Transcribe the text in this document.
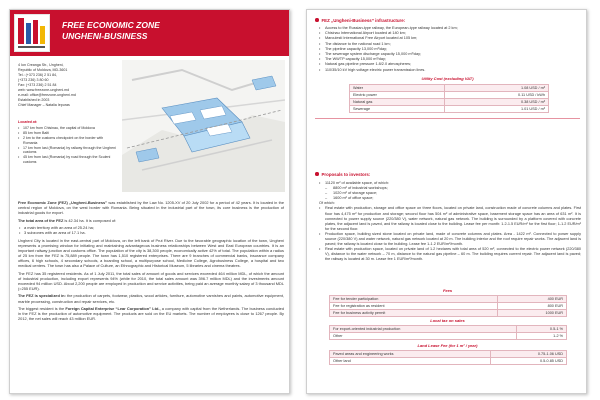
FREE ECONOMIC ZONE
UNGHENI-BUSINESS
4 Ion Creanga Str., Ungheni,
Republic of Moldova, MD-3601
Tel.: (+373 236) 2 51 84,
(+373 236) 3 80 60
Fax: (+373 236) 2 51 84
web: www.freezone-ungheni.md
e-mail: office@freezone-ungheni.md
Established in 2003
Chief Manager – Natalia Iepuras
Located at:
• 107 km from Chisinau, the capital of Moldova
• 85 km from Balti
• 2 km to the customs checkpoint on the border with Romania
• 17 km from Iasi (Romania) by railway through the Ungheni customs
• 45 km from Iasi (Romania) by road through the Sculeni customs

Free Economic Zone (FEZ) „Ungheni-Business” was established by the Law No. 1205-XV of 20 July 2002 for a period of 42 years. It is located in the central region of Moldova, on the west border with Romania. Being situated in the industrial part of the town, its core business is the production of industrial goods for export.

The total area of the FEZ is 42.34 ha. It is composed of:

• a main territory with an area of 25.24 ha;
• 3 subzones with an area of 17.1 ha.

Ungheni City is located in the east-central part of Moldova, on the left bank of Prut River. Due to the favorable geographic location of the town, Ungheni represents a promising window for initiating and maintaining advantageous business relationships between West and East European countries. It is an important railway junction and customs office. The population of the city is 38,300 people, economically active 42% of total. The population within a radius of 25 km from the FEZ is 75,889 people. The town has 1,510 registered enterprises. There are 9 branches of commercial banks, insurance company offices, 6 high schools, 4 secondary schools, a boarding school, a multipurpose school, Medicine College, Agrobusiness College, a hospital and two medical centers. The town has also a Palace of Culture, an Ethnographic and Historical Museum, 5 libraries and cinema theatres.

The FEZ has 35 registered residents. As of 1 July 2011, the total sales of amount of goods and services exceeded 464 million MDL, of which the amount of industrial production, including export represents 94% (while for 2010, the total sales amount was 396.7 million MDL) and the investments amount exceeded 94 million USD. About 2,200 people are employed in production and service activities, being paid an average monthly salary of 3 thousand MDL (=255 EUR).

The FEZ is specialized in: the production of carpets, footwear, plastics, wood articles, furniture, automotive varnishes and paints, automotive equipment, marble processing, construction and repair services, etc.

The biggest resident is the Foreign Capital Enterprise “Lear Corporation” Ltd., a company with capital from the Netherlands. The business conducted in the FEZ is the production of automotive equipment. The products are sold on the EU markets. The number of employees is close to 1267 people. By 2012, the net sales will reach 43 million EUR.

FEZ „Ungheni-Business” infrastructure:
• Access to the Russian-type railway, the European-type railway located at 2 km;
• Chisinau International Airport located at 140 km;
• Marculesti International Free Airport located at 105 km;
• The distance to the national road 1 km;
• The pipeline capacity 13,000 m³/day;
• The sewerage system discharge capacity 15,000 m³/day;
• The WWTP capacity 15,000 m³/day;
• Natural gas pipeline pressure 1.8/2.0 atmospheres;
• 110/35/10 kV high voltage electric power transmission lines.
Utility Cost (excluding VAT)
Water	1.08 USD / m³
Electric power	0.11 USD / kWh
Natural gas	0.38 USD / m³
Sewerage	1.01 USD / m³
Proposals to investors:
• 11120 m² of available space, of which:
– 8800 m² of industrial workshops;
– 1020 m² of storage space;
– 1600 m² of office space;

Of which:

• Real estate with production, storage and office space on three floors, located on private land, construction made of concrete columns and plates. First floor has 4,475 m² for production and storage; second floor has 504 m² of administrative space, basement storage space has an area of 631 m². It is connected to power supply source (220/380 V), water network, natural gas network. The building is surrounded by a platform covered with concrete plates, the adjacent land is paved, and the railway is located close to the building. Lease fee per month: 1.2-1.5 EUR/m² for the first floor; 1-1.2 EUR/m² for the second floor.
• Production space, building sized stone located on private land, made of concrete columns and plates. Area - 1422 m². Connected to power supply source (220/380 V) and water network, natural gas network located at 20 m. The building interior and the roof require repair works. The adjacent land is paved; the railway is located close to the building. Lease fee 1-1.2 EUR/m²/month.
• Real estate with production space, located on private land of 1.2 hectares with total area of 520 m², connected to the electric power network (220/380 V), distance to the water network – 70 m, distance to the natural gas pipeline – 60 m. The building requires current repair. The adjacent land is paved; the railway is located at 30 m. Lease fee 1 EUR/m²/month.
Fees
Fee for tender participation	400 EUR
Fee for registration as resident	800 EUR
Fee for business activity permit	1000 EUR
Local tax on sales
For export-oriented industrial production	0.5-1 %
Other	1-2 %
Land Lease Fee (for 1 m² / year)
Paved areas and engineering works	0.75-1.06 USD
Other land	0.5-0.85 USD
